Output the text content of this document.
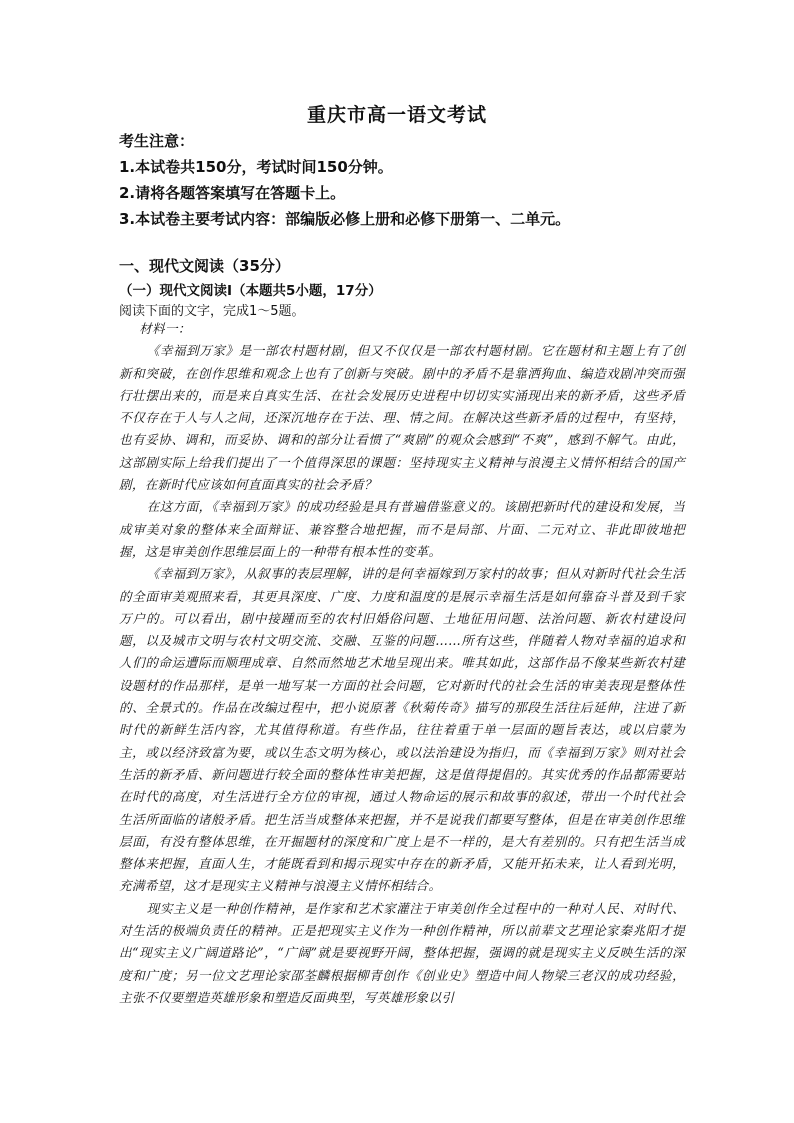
重庆市高一语文考试
考生注意：
1.本试卷共150分，考试时间150分钟。
2.请将各题答案填写在答题卡上。
3.本试卷主要考试内容：部编版必修上册和必修下册第一、二单元。
一、现代文阅读（35分）
（一）现代文阅读Ⅰ（本题共5小题，17分）
阅读下面的文字，完成1～5题。

材料一：

《幸福到万家》是一部农村题材剧，但又不仅仅是一部农村题材剧。它在题材和主题上有了创新和突破，在创作思维和观念上也有了创新与突破。剧中的矛盾不是靠洒狗血、编造戏剧冲突而强行壮摆出来的，而是来自真实生活、在社会发展历史进程中切切实实涌现出来的新矛盾，这些矛盾不仅存在于人与人之间，还深沉地存在于法、理、情之间。在解决这些新矛盾的过程中，有坚持，也有妥协、调和，而妥协、调和的部分让看惯了“爽剧”的观众会感到“不爽”，感到不解气。由此，这部剧实际上给我们提出了一个值得深思的课题：坚持现实主义精神与浪漫主义情怀相结合的国产剧，在新时代应该如何直面真实的社会矛盾？

在这方面，《幸福到万家》的成功经验是具有普遍借鉴意义的。该剧把新时代的建设和发展，当成审美对象的整体来全面辩证、兼容整合地把握，而不是局部、片面、二元对立、非此即彼地把握，这是审美创作思维层面上的一种带有根本性的变革。

《幸福到万家》，从叙事的表层理解，讲的是何幸福嫁到万家村的故事；但从对新时代社会生活的全面审美观照来看，其更具深度、广度、力度和温度的是展示幸福生活是如何靠奋斗普及到千家万户的。可以看出，剧中接踵而至的农村旧婚俗问题、土地征用问题、法治问题、新农村建设问题，以及城市文明与农村文明交流、交融、互鉴的问题……所有这些，伴随着人物对幸福的追求和人们的命运遭际而顺理成章、自然而然地艺术地呈现出来。唯其如此，这部作品不像某些新农村建设题材的作品那样，是单一地写某一方面的社会问题，它对新时代的社会生活的审美表现是整体性的、全景式的。作品在改编过程中，把小说原著《秋菊传奇》描写的那段生活往后延伸，注进了新时代的新鲜生活内容，尤其值得称道。有些作品，往往着重于单一层面的题旨表达，或以启蒙为主，或以经济致富为要，或以生态文明为核心，或以法治建设为指归，而《幸福到万家》则对社会生活的新矛盾、新问题进行较全面的整体性审美把握，这是值得提倡的。其实优秀的作品都需要站在时代的高度，对生活进行全方位的审视，通过人物命运的展示和故事的叙述，带出一个时代社会生活所面临的诸般矛盾。把生活当成整体来把握，并不是说我们都要写整体，但是在审美创作思维层面，有没有整体思维，在开掘题材的深度和广度上是不一样的，是大有差别的。只有把生活当成整体来把握，直面人生，才能既看到和揭示现实中存在的新矛盾，又能开拓未来，让人看到光明，充满希望，这才是现实主义精神与浪漫主义情怀相结合。

现实主义是一种创作精神，是作家和艺术家灌注于审美创作全过程中的一种对人民、对时代、对生活的极端负责任的精神。正是把现实主义作为一种创作精神，所以前辈文艺理论家秦兆阳才提出“现实主义广阔道路论”，“广阔”就是要视野开阔，整体把握，强调的就是现实主义反映生活的深度和广度；另一位文艺理论家邵荃麟根据柳青创作《创业史》塑造中间人物梁三老汉的成功经验，主张不仅要塑造英雄形象和塑造反面典型，写英雄形象以引
